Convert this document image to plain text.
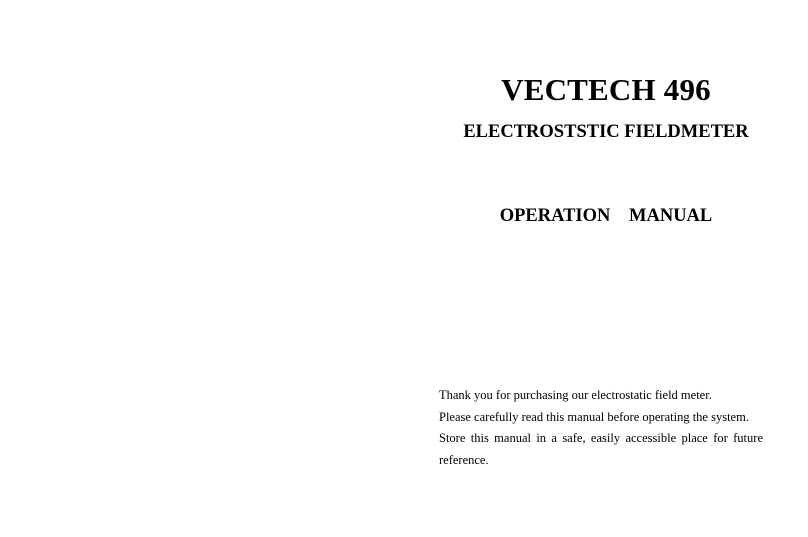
VECTECH 496
ELECTROSTSTIC FIELDMETER
OPERATION MANUAL

Thank you for purchasing our electrostatic field meter.

Please carefully read this manual before operating the system.

Store this manual in a safe, easily accessible place for future reference.
